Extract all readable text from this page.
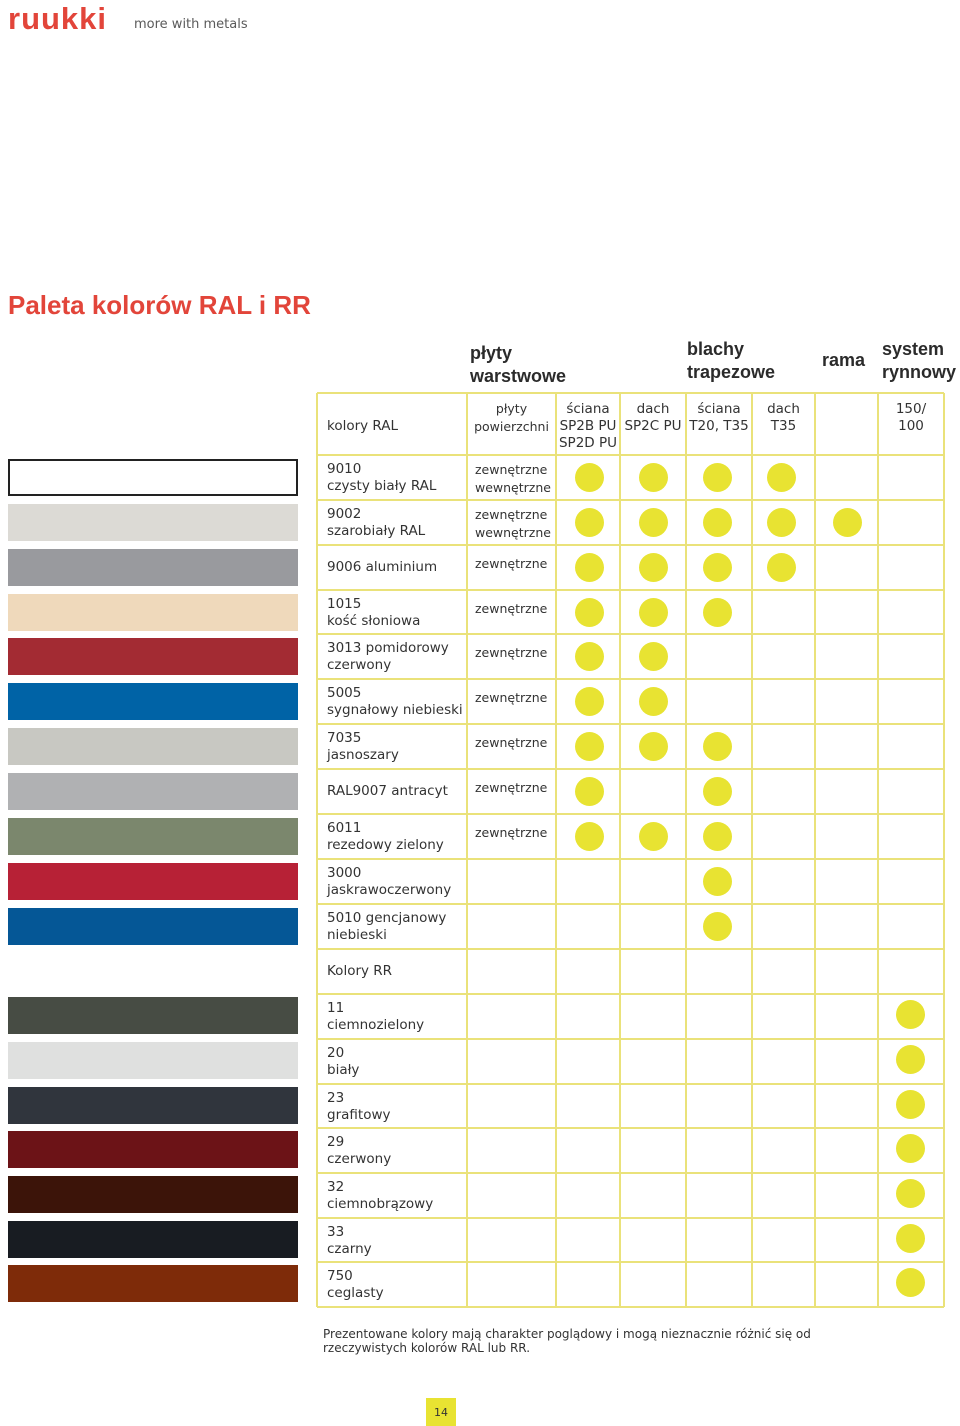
ruukki more with metals
Paleta kolorów RAL i RR
płyty
warstwowe
blachy
trapezowe
rama
system
rynnowy
kolory RAL
płyty
powierzchni
ściana
SP2B PU
SP2D PU
dach
SP2C PU
ściana
T20, T35
dach
T35
150/
100
9010
czysty biały RAL
zewnętrzne
wewnętrzne
9002
szarobiały RAL
zewnętrzne
wewnętrzne
9006 aluminium	zewnętrzne
1015
kość słoniowa
zewnętrzne
3013 pomidorowy
czerwony
zewnętrzne
5005
sygnałowy niebieski
zewnętrzne
7035
jasnoszary
zewnętrzne
RAL9007 antracyt zewnętrzne
6011
rezedowy zielony
zewnętrzne
3000
jaskrawoczerwony
5010 gencjanowy
niebieski
Kolory RR
11
ciemnozielony
20
biały
23
grafitowy
29
czerwony
32
ciemnobrązowy
33
czarny
750
ceglasty
Prezentowane kolory mają charakter poglądowy i mogą nieznacznie różnić się od rzeczywistych kolorów RAL lub RR.
14
